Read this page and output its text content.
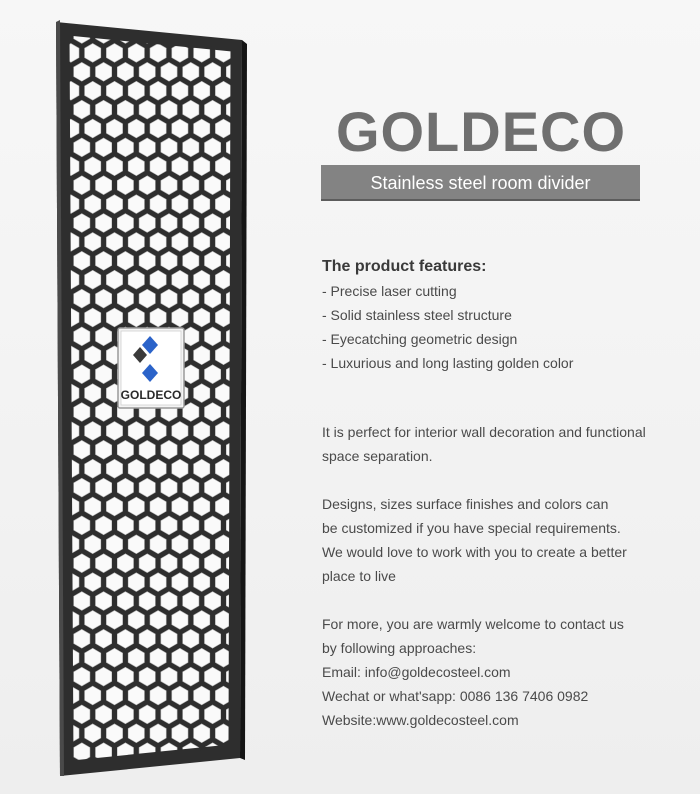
GOLDECO
GOLDECO
Stainless steel room divider
The product features:
- Precise laser cutting
- Solid stainless steel structure
- Eyecatching geometric design
- Luxurious and long lasting golden color
It is perfect for interior wall decoration and functional
space separation.
Designs, sizes surface finishes and colors can
be customized if you have special requirements.
We would love to work with you to create a better
place to live
For more, you are warmly welcome to contact us
by following approaches:
Email: info@goldecosteel.com
Wechat or what'sapp: 0086 136 7406 0982
Website:www.goldecosteel.com
